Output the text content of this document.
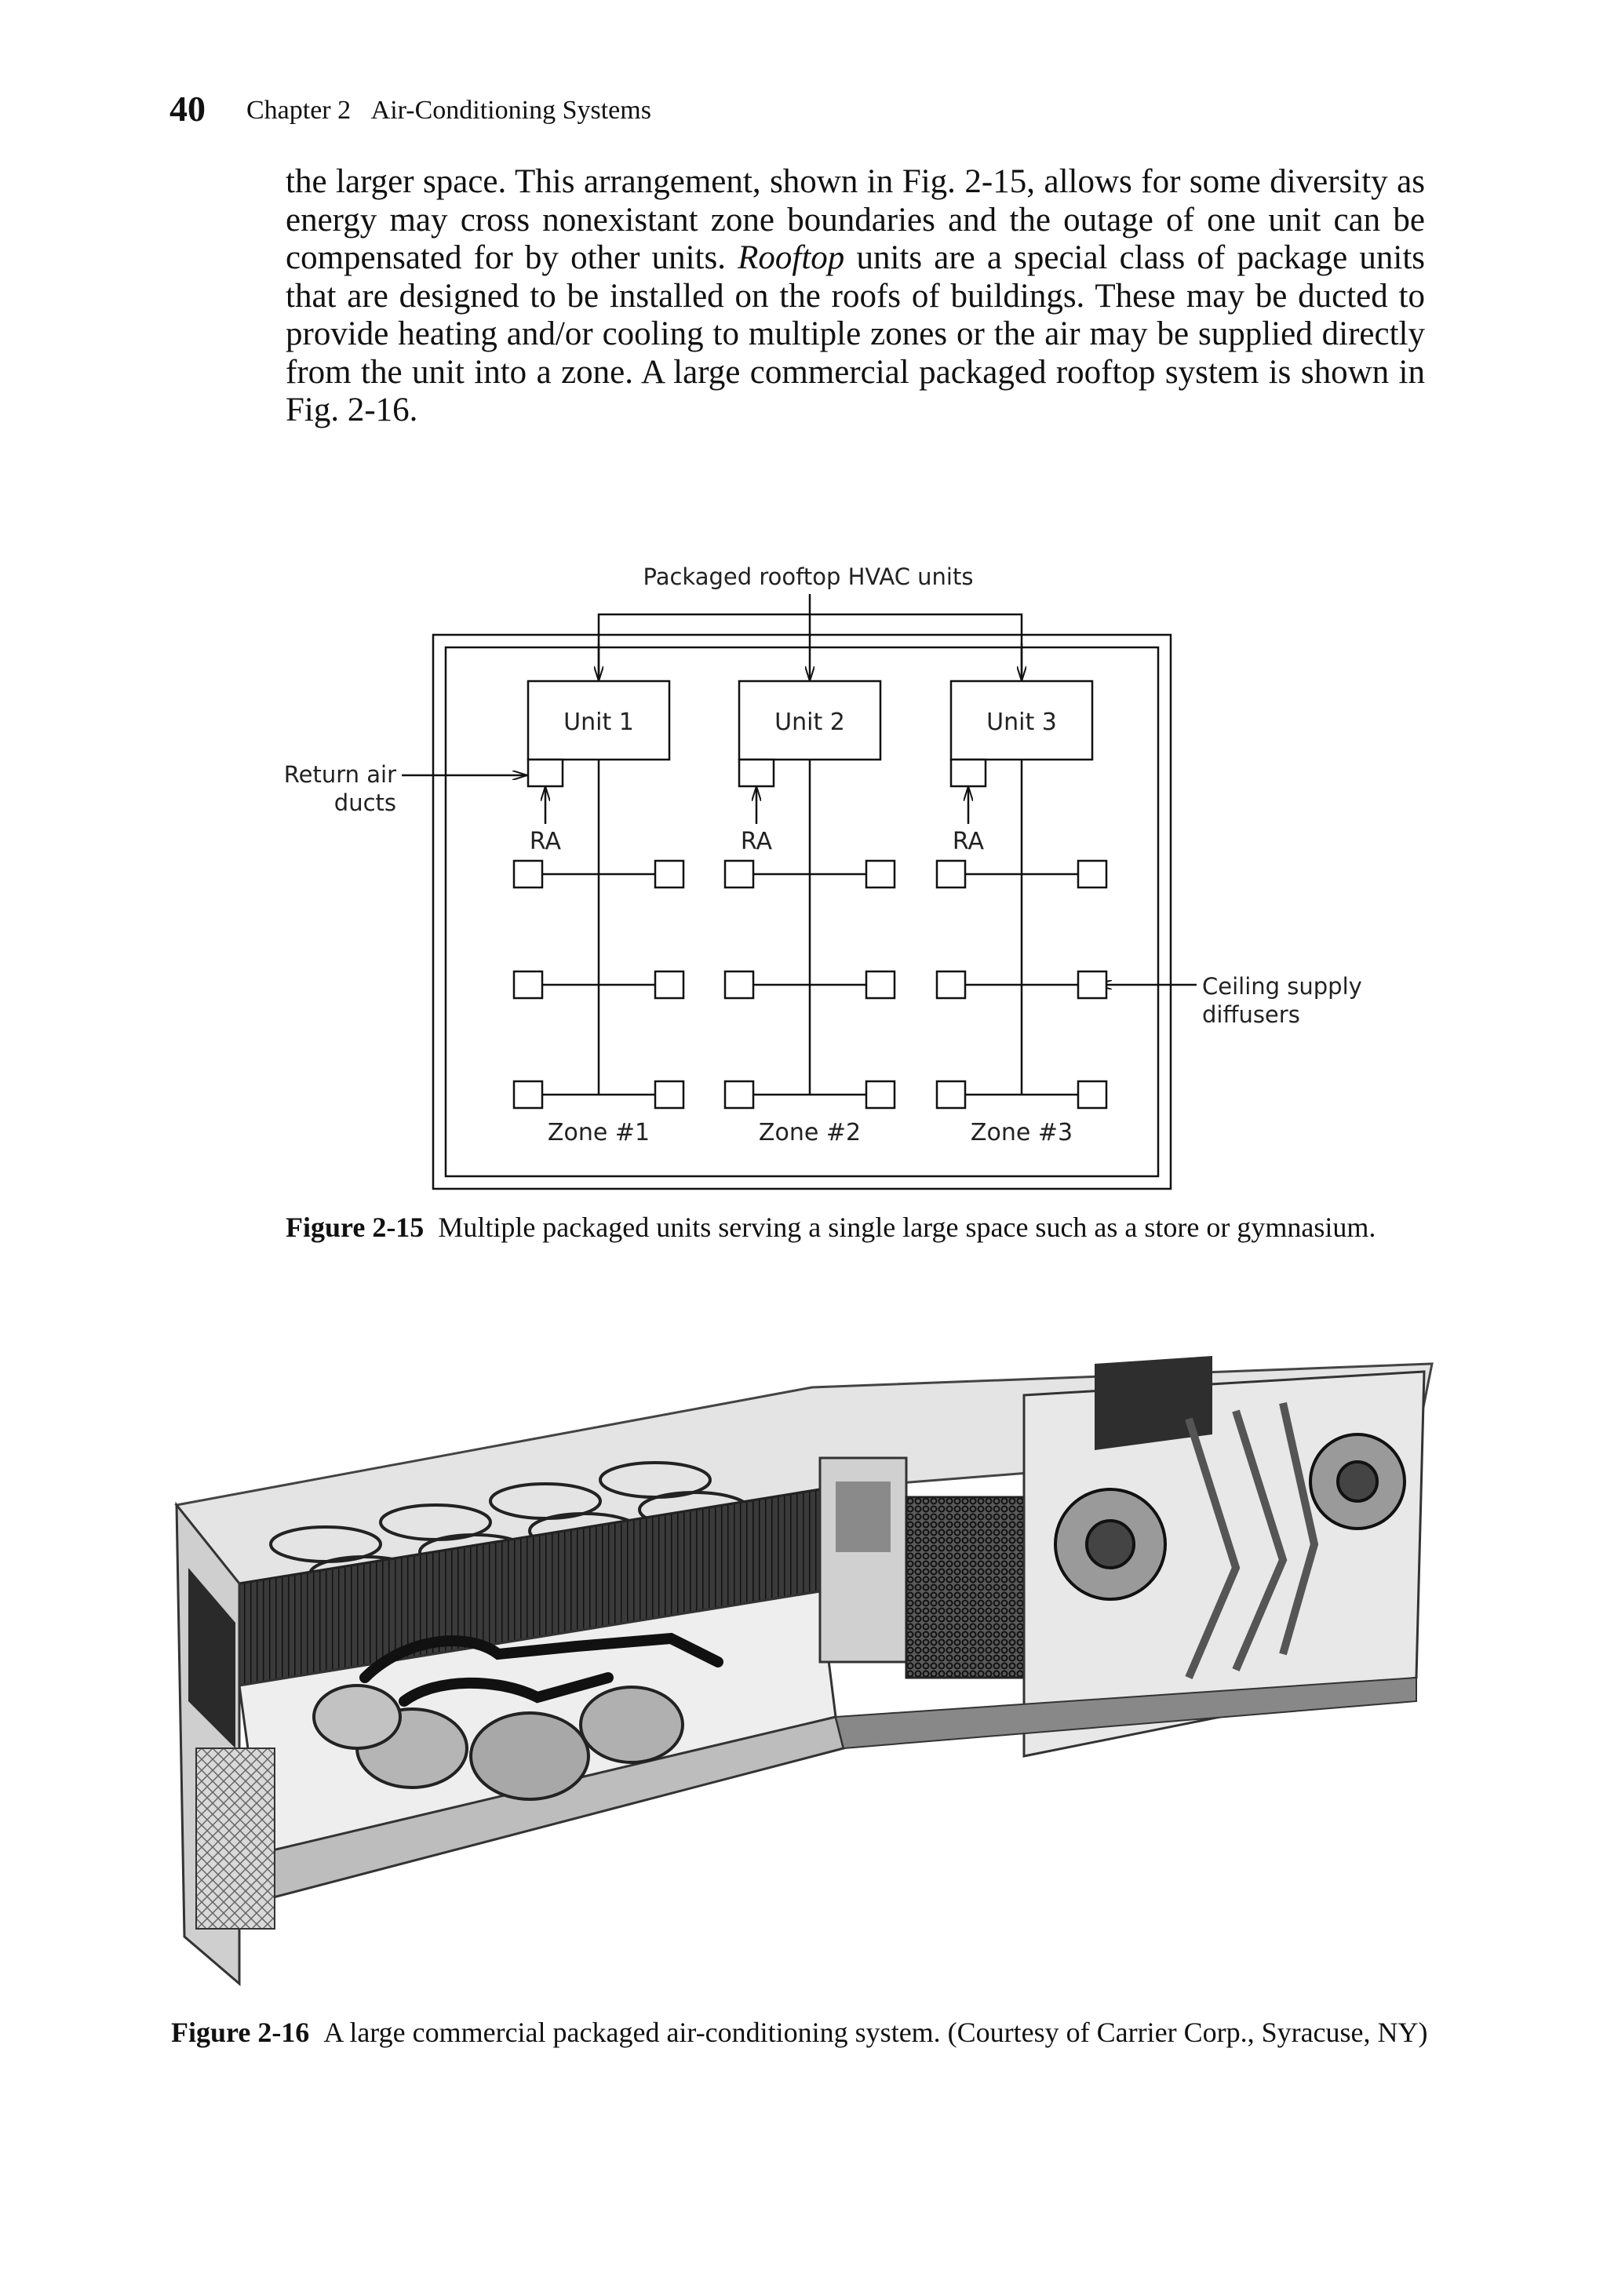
40 Chapter 2 Air-Conditioning Systems

the larger space. This arrangement, shown in Fig. 2-15, allows for some diversity as energy may cross nonexistant zone boundaries and the outage of one unit can be compensated for by other units. Rooftop units are a special class of package units that are designed to be installed on the roofs of buildings. These may be ducted to provide heating and/or cooling to multiple zones or the air may be supplied directly from the unit into a zone. A large commercial packaged rooftop system is shown in Fig. 2-16.

Packaged rooftop HVAC units
Return air
ducts
Ceiling supply
diffusers
Unit 1
RA
Zone #1
Unit 2
RA
Zone #2
Unit 3
RA
Zone #3
Figure 2-15 Multiple packaged units serving a single large space such as a store or gymnasium.
Figure 2-16 A large commercial packaged air-conditioning system. (Courtesy of Carrier Corp., Syracuse, NY)
